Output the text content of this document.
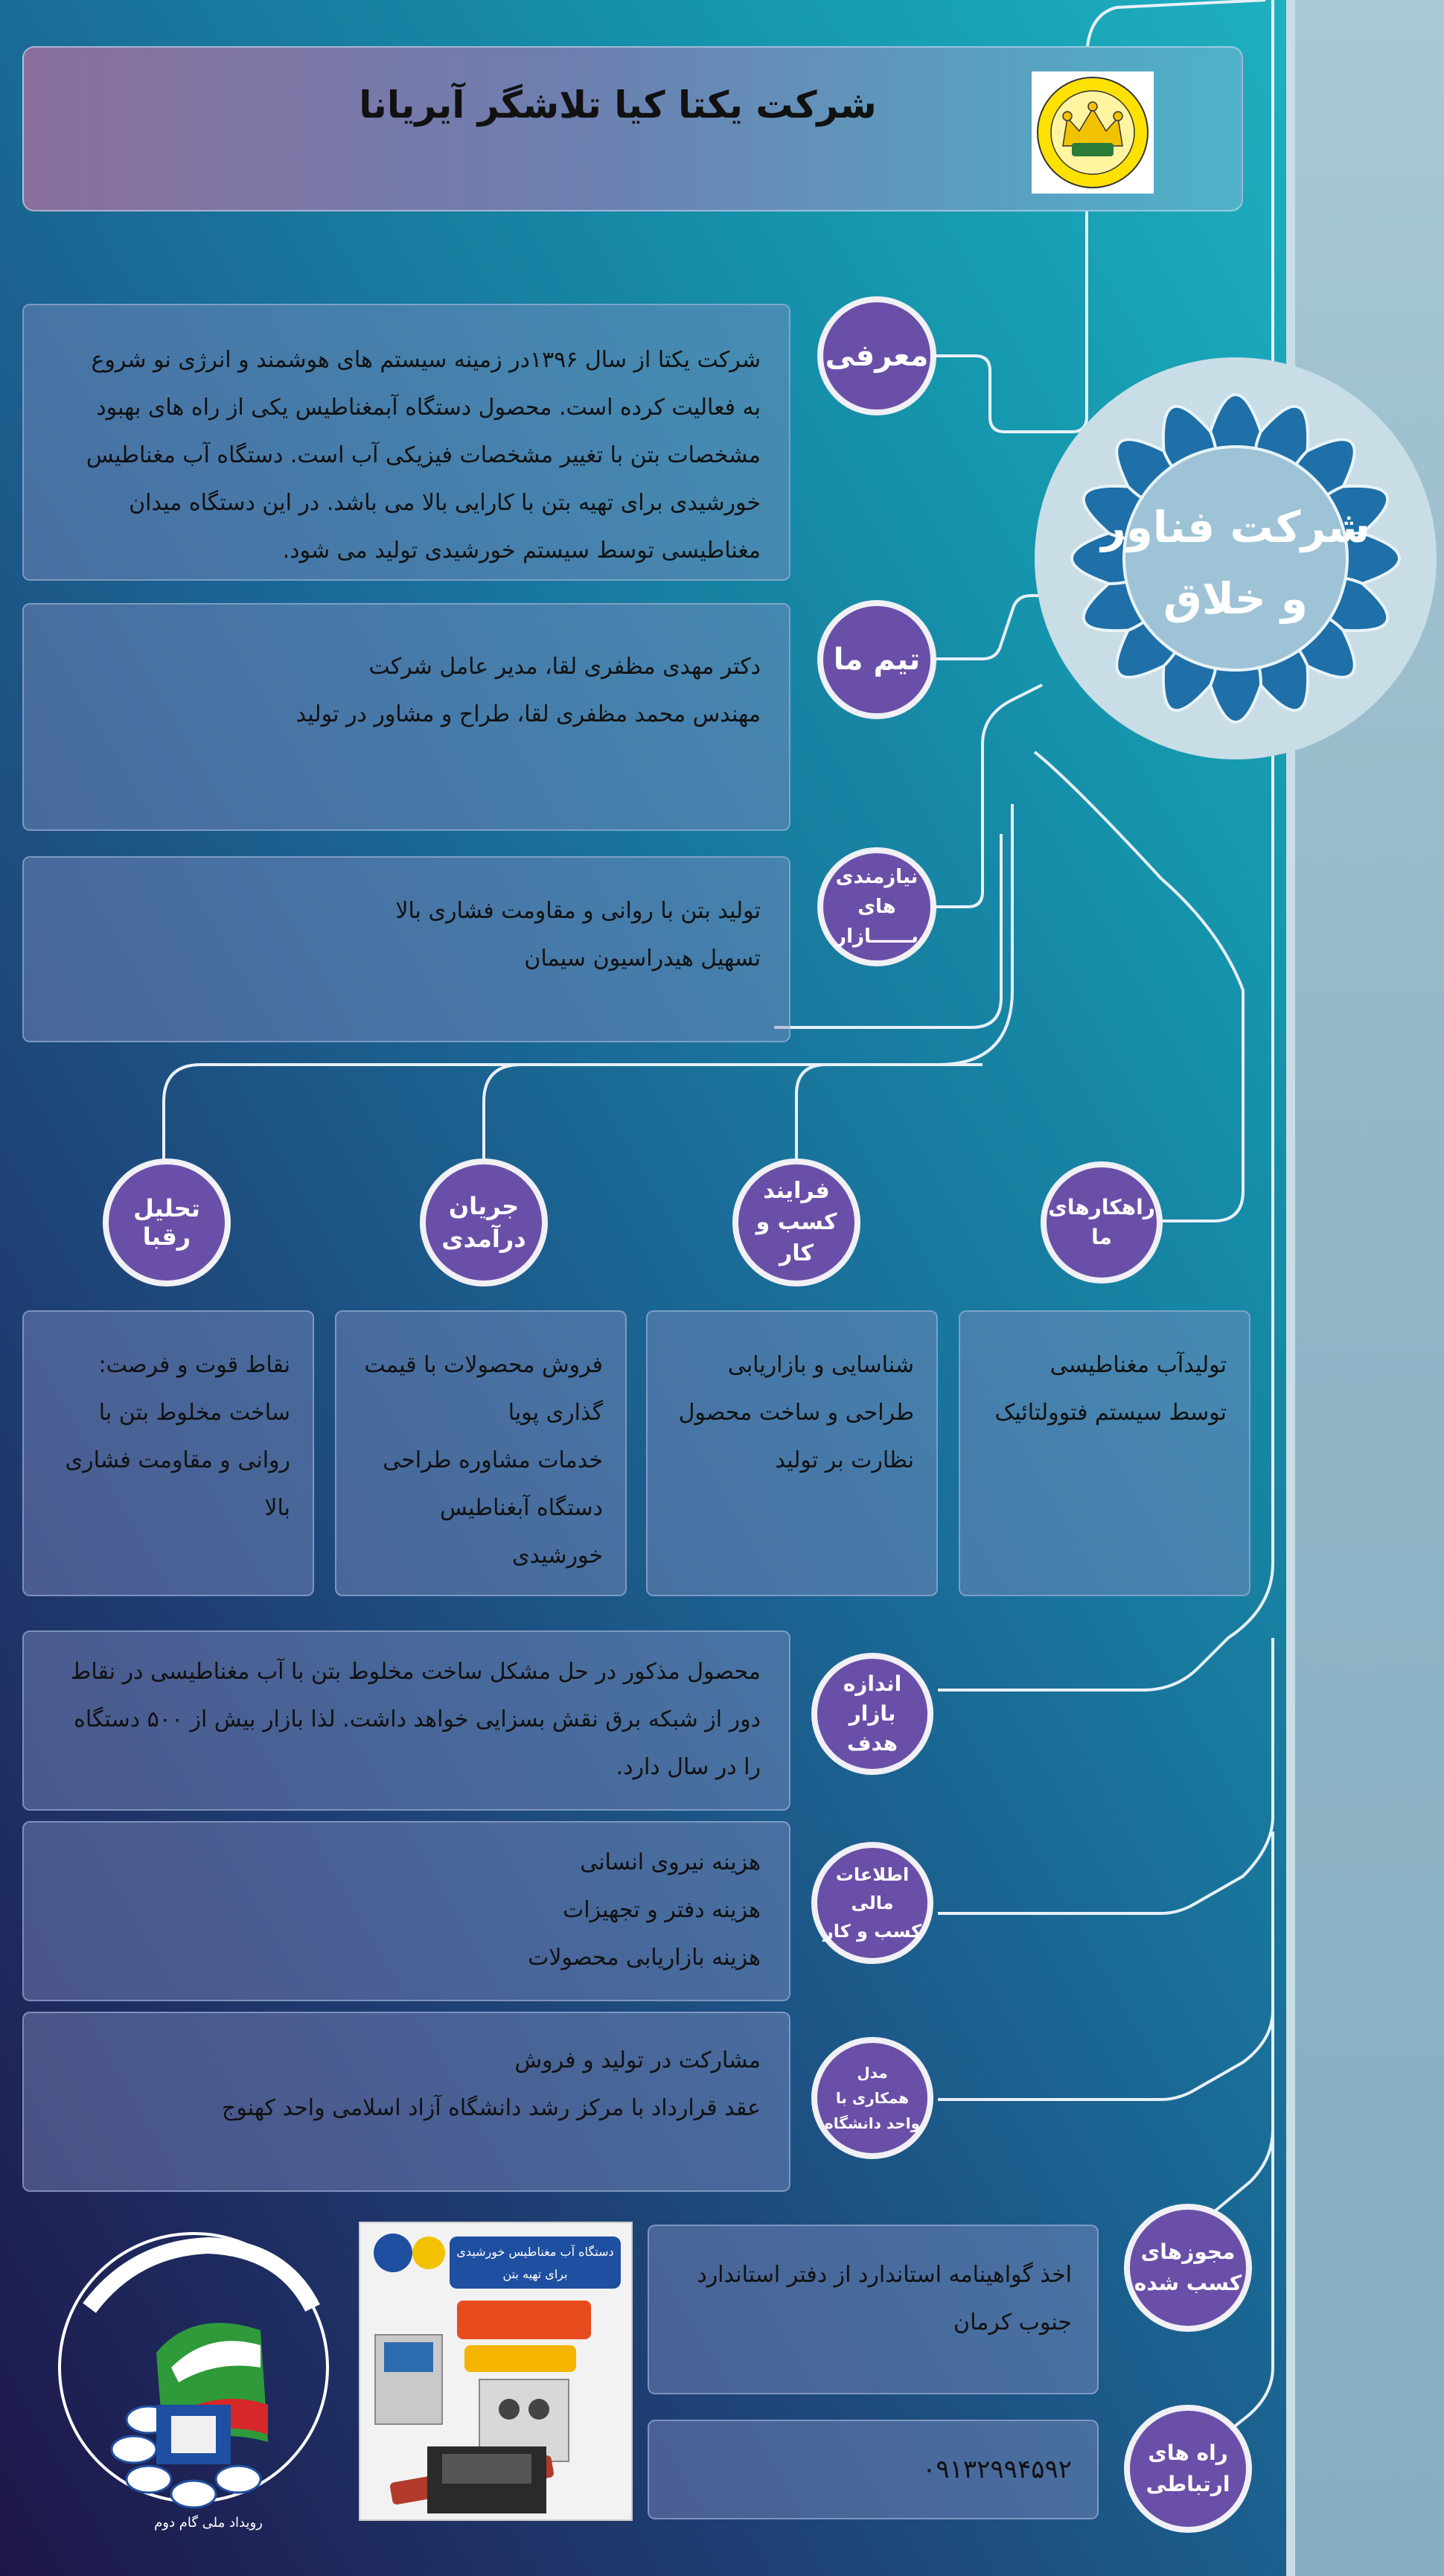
شرکت یکتا کیا تلاشگر آیریانا
شرکت فناور
و خلاق

شرکت یکتا از سال ۱۳۹۶در زمینه سیستم های هوشمند و انرژی نو شروع

به فعالیت کرده است. محصول دستگاه آبمغناطیس یکی از راه های بهبود

مشخصات بتن با تغییر مشخصات فیزیکی آب است. دستگاه آب مغناطیس

خورشیدی برای تهیه بتن با کارایی بالا می باشد. در این دستگاه میدان

مغناطیسی توسط سیستم خورشیدی تولید می شود.

معرفی

دکتر مهدی مظفری لقا، مدیر عامل شرکت

مهندس محمد مظفری لقا، طراح و مشاور در تولید

تیم ما

تولید بتن با روانی و مقاومت فشاری بالا

تسهیل هیدراسیون سیمان

نیازمندی های
بــــــازار
راهکارهای
ما
فرایند
کسب و کار
جریان
درآمدی
تحلیل رقبا

تولیدآب مغناطیسی

توسط سیستم فتوولتائیک

شناسایی و بازاریابی

طراحی و ساخت محصول

نظارت بر تولید

فروش محصولات با قیمت

گذاری پویا

خدمات مشاوره طراحی

دستگاه آبغناطیس

خورشیدی

نقاط قوت و فرصت:

ساخت مخلوط بتن با

روانی و مقاومت فشاری

بالا

محصول مذکور در حل مشکل ساخت مخلوط بتن با آب مغناطیسی در نقاط

دور از شبکه برق نقش بسزایی خواهد داشت. لذا بازار بیش از ۵۰۰ دستگاه

را در سال دارد.

اندازه بازار
هدف

هزینه نیروی انسانی

هزینه دفتر و تجهیزات

هزینه بازاریابی محصولات

اطلاعات مالی
کسب و کار

مشارکت در تولید و فروش

عقد قرارداد با مرکز رشد دانشگاه آزاد اسلامی واحد کهنوج

مدل
همکاری با
واحد دانشگاه

اخذ گواهینامه استاندارد از دفتر استاندارد

جنوب کرمان

مجوزهای
کسب شده
۰۹۱۳۲۹۹۴۵۹۲
راه های
ارتباطی
دستگاه آب مغناطیس خورشیدی
برای تهیه بتن
رویداد ملی گام دوم
